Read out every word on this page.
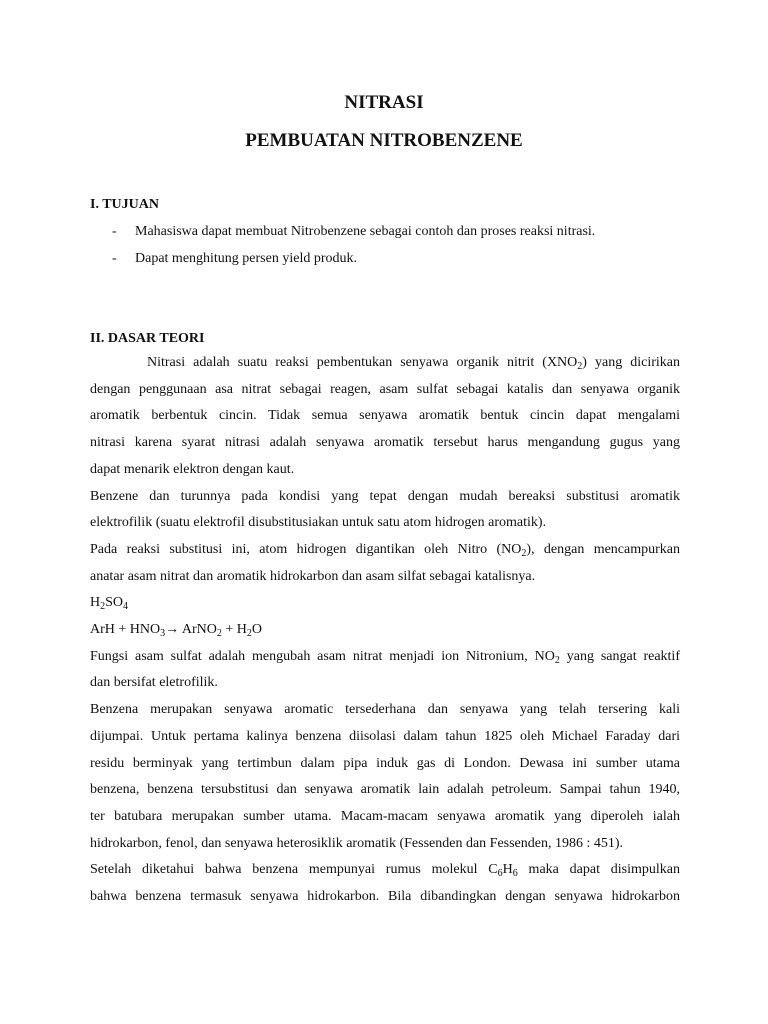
NITRASI
PEMBUATAN NITROBENZENE
I. TUJUAN
- Mahasiswa dapat membuat Nitrobenzene sebagai contoh dan proses reaksi nitrasi.
- Dapat menghitung persen yield produk.
II. DASAR TEORI
Nitrasi adalah suatu reaksi pembentukan senyawa organik nitrit $(XNO_2)$ yang dicirikan
dengan penggunaan asa nitrat sebagai reagen, asam sulfat sebagai katalis dan senyawa organik
aromatik berbentuk cincin. Tidak semua senyawa aromatik bentuk cincin dapat mengalami
nitrasi karena syarat nitrasi adalah senyawa aromatik tersebut harus mengandung gugus yang
dapat menarik elektron dengan kaut.
Benzene dan turunnya pada kondisi yang tepat dengan mudah bereaksi substitusi aromatik
elektrofilik (suatu elektrofil disubstitusiakan untuk satu atom hidrogen aromatik).
Pada reaksi substitusi ini, atom hidrogen digantikan oleh Nitro $(NO_2)$, dengan mencampurkan
anatar asam nitrat dan aromatik hidrokarbon dan asam silfat sebagai katalisnya.
$H_2SO_4$
ArH + $HNO_3\to$ ArNO$_2$ + $H_2O$
Fungsi asam sulfat adalah mengubah asam nitrat menjadi ion Nitronium, $NO_2$ yang sangat reaktif
dan bersifat eletrofilik.
Benzena merupakan senyawa aromatic tersederhana dan senyawa yang telah tersering kali
dijumpai. Untuk pertama kalinya benzena diisolasi dalam tahun 1825 oleh Michael Faraday dari
residu berminyak yang tertimbun dalam pipa induk gas di London. Dewasa ini sumber utama
benzena, benzena tersubstitusi dan senyawa aromatik lain adalah petroleum. Sampai tahun 1940,
ter batubara merupakan sumber utama. Macam-macam senyawa aromatik yang diperoleh ialah
hidrokarbon, fenol, dan senyawa heterosiklik aromatik (Fessenden dan Fessenden, 1986 : 451).
Setelah diketahui bahwa benzena mempunyai rumus molekul $C_6H_6$ maka dapat disimpulkan
bahwa benzena termasuk senyawa hidrokarbon. Bila dibandingkan dengan senyawa hidrokarbon
